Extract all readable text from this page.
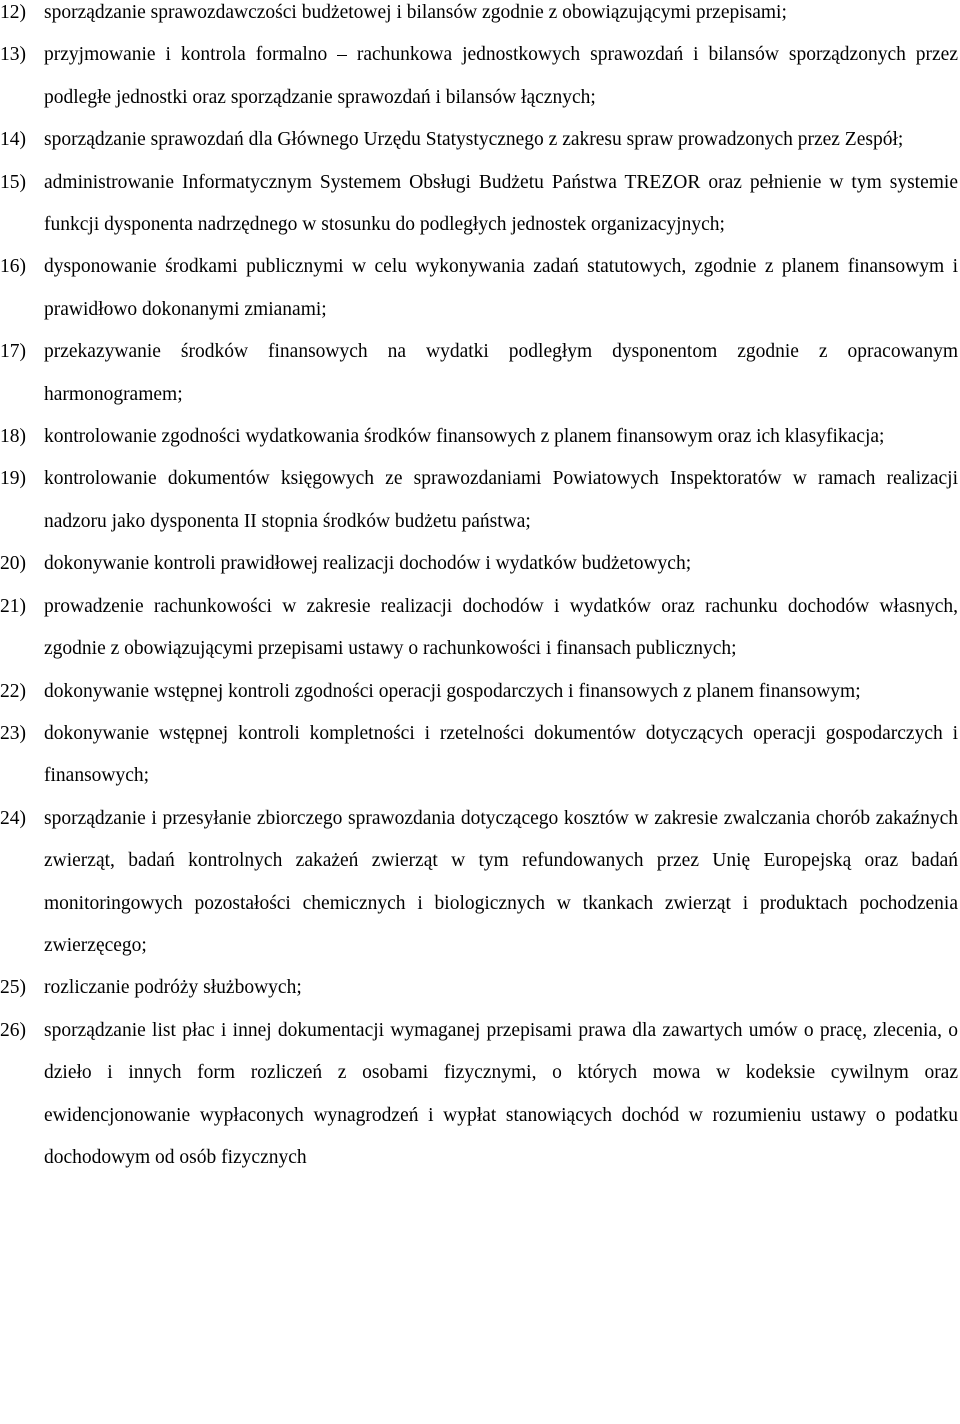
12) sporządzanie sprawozdawczości budżetowej i bilansów zgodnie z obowiązującymi przepisami;
13) przyjmowanie i kontrola formalno – rachunkowa jednostkowych sprawozdań i bilansów sporządzonych przez podległe jednostki oraz sporządzanie sprawozdań i bilansów łącznych;
14) sporządzanie sprawozdań dla Głównego Urzędu Statystycznego z zakresu spraw prowadzonych przez Zespół;
15) administrowanie Informatycznym Systemem Obsługi Budżetu Państwa TREZOR oraz pełnienie w tym systemie funkcji dysponenta nadrzędnego w stosunku do podległych jednostek organizacyjnych;
16) dysponowanie środkami publicznymi w celu wykonywania zadań statutowych, zgodnie z planem finansowym i prawidłowo dokonanymi zmianami;
17) przekazywanie środków finansowych na wydatki podległym dysponentom zgodnie z opracowanym harmonogramem;
18) kontrolowanie zgodności wydatkowania środków finansowych z planem finansowym oraz ich klasyfikacja;
19) kontrolowanie dokumentów księgowych ze sprawozdaniami Powiatowych Inspektoratów w ramach realizacji nadzoru jako dysponenta II stopnia środków budżetu państwa;
20) dokonywanie kontroli prawidłowej realizacji dochodów i wydatków budżetowych;
21) prowadzenie rachunkowości w zakresie realizacji dochodów i wydatków oraz rachunku dochodów własnych, zgodnie z obowiązującymi przepisami ustawy o rachunkowości i finansach publicznych;
22) dokonywanie wstępnej kontroli zgodności operacji gospodarczych i finansowych z planem finansowym;
23) dokonywanie wstępnej kontroli kompletności i rzetelności dokumentów dotyczących operacji gospodarczych i finansowych;
24) sporządzanie i przesyłanie zbiorczego sprawozdania dotyczącego kosztów w zakresie zwalczania chorób zakaźnych zwierząt, badań kontrolnych zakażeń zwierząt w tym refundowanych przez Unię Europejską oraz badań monitoringowych pozostałości chemicznych i biologicznych w tkankach zwierząt i produktach pochodzenia zwierzęcego;
25) rozliczanie podróży służbowych;
26) sporządzanie list płac i innej dokumentacji wymaganej przepisami prawa dla zawartych umów o pracę, zlecenia, o dzieło i innych form rozliczeń z osobami fizycznymi, o których mowa w kodeksie cywilnym oraz ewidencjonowanie wypłaconych wynagrodzeń i wypłat stanowiących dochód w rozumieniu ustawy o podatku dochodowym od osób fizycznych
